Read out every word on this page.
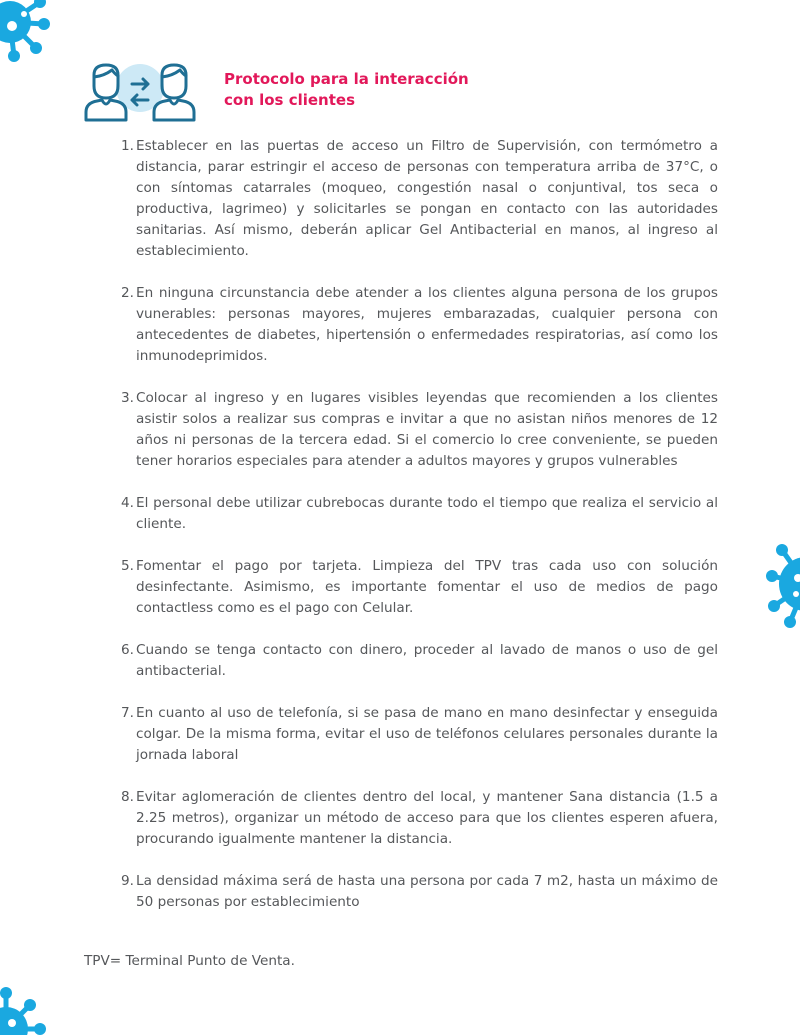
Protocolo para la interacción
con los clientes
1. Establecer en las puertas de acceso un Filtro de Supervisión, con termómetro a distancia, parar estringir el acceso de personas con temperatura arriba de 37°C, o con síntomas catarrales (moqueo, congestión nasal o conjuntival, tos seca o productiva, lagrimeo) y solicitarles se pongan en contacto con las autoridades sanitarias. Así mismo, deberán aplicar Gel Antibacterial en manos, al ingreso al establecimiento.
2. En ninguna circunstancia debe atender a los clientes alguna persona de los grupos vunerables: personas mayores, mujeres embarazadas, cualquier persona con antecedentes de diabetes, hipertensión o enfermedades respiratorias, así como los inmunodeprimidos.
3. Colocar al ingreso y en lugares visibles leyendas que recomienden a los clientes asistir solos a realizar sus compras e invitar a que no asistan niños menores de 12 años ni personas de la tercera edad. Si el comercio lo cree conveniente, se pueden tener horarios especiales para atender a adultos mayores y grupos vulnerables
4. El personal debe utilizar cubrebocas durante todo el tiempo que realiza el servicio al cliente.
5. Fomentar el pago por tarjeta. Limpieza del TPV tras cada uso con solución desinfectante. Asimismo, es importante fomentar el uso de medios de pago contactless como es el pago con Celular.
6. Cuando se tenga contacto con dinero, proceder al lavado de manos o uso de gel antibacterial.
7. En cuanto al uso de telefonía, si se pasa de mano en mano desinfectar y enseguida colgar. De la misma forma, evitar el uso de teléfonos celulares personales durante la jornada laboral
8. Evitar aglomeración de clientes dentro del local, y mantener Sana distancia (1.5 a 2.25 metros), organizar un método de acceso para que los clientes esperen afuera, procurando igualmente mantener la distancia.
9. La densidad máxima será de hasta una persona por cada 7 m2, hasta un máximo de 50 personas por establecimiento
TPV= Terminal Punto de Venta.
